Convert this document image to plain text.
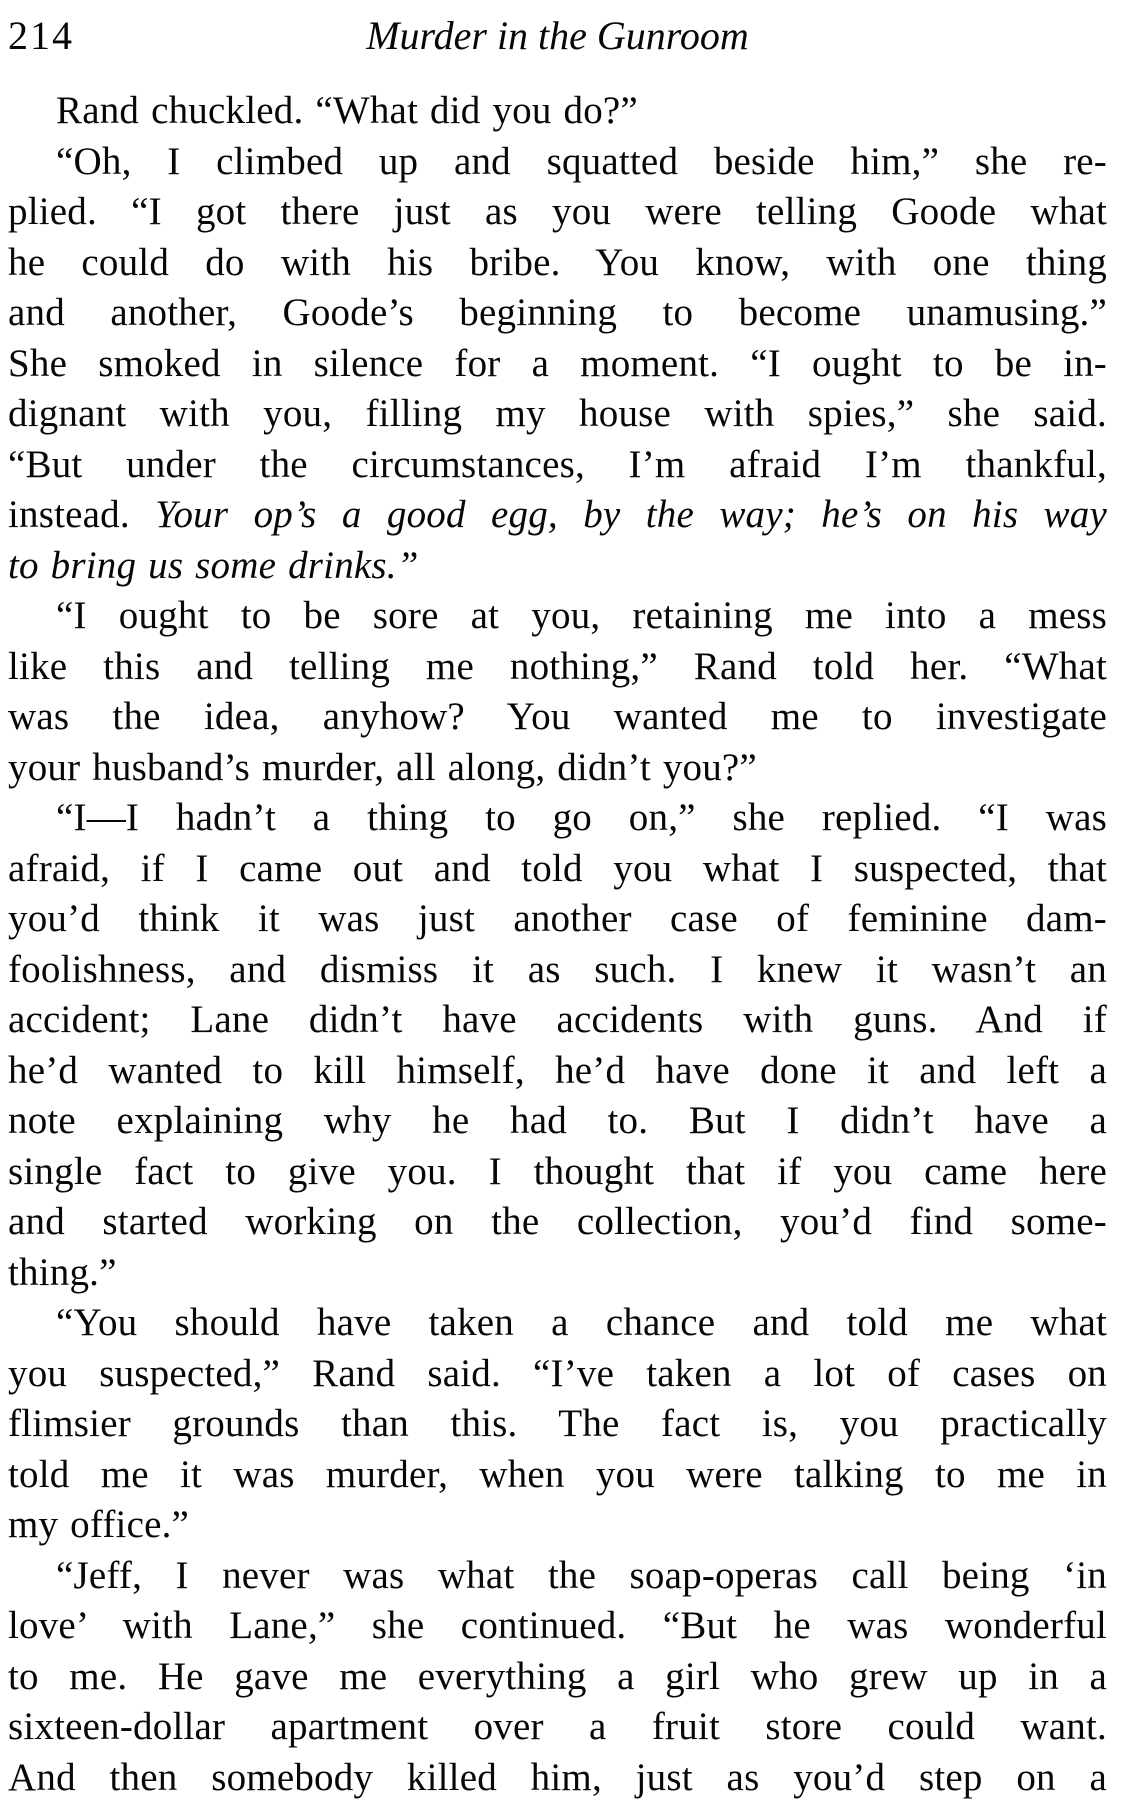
214	Murder in the Gunroom
Rand chuckled. “What did you do?”
“Oh, I climbed up and squatted beside him,” she re-
plied. “I got there just as you were telling Goode what
he could do with his bribe. You know, with one thing
and another, Goode’s beginning to become unamusing.”
She smoked in silence for a moment. “I ought to be in-
dignant with you, filling my house with spies,” she said.
“But under the circumstances, I’m afraid I’m thankful,
instead. Your op’s a good egg, by the way; he’s on his way
to bring us some drinks.”
“I ought to be sore at you, retaining me into a mess
like this and telling me nothing,” Rand told her. “What
was the idea, anyhow? You wanted me to investigate
your husband’s murder, all along, didn’t you?”
“I—I hadn’t a thing to go on,” she replied. “I was
afraid, if I came out and told you what I suspected, that
you’d think it was just another case of feminine dam-
foolishness, and dismiss it as such. I knew it wasn’t an
accident; Lane didn’t have accidents with guns. And if
he’d wanted to kill himself, he’d have done it and left a
note explaining why he had to. But I didn’t have a
single fact to give you. I thought that if you came here
and started working on the collection, you’d find some-
thing.”
“You should have taken a chance and told me what
you suspected,” Rand said. “I’ve taken a lot of cases on
flimsier grounds than this. The fact is, you practically
told me it was murder, when you were talking to me in
my office.”
“Jeff, I never was what the soap-operas call being ‘in
love’ with Lane,” she continued. “But he was wonderful
to me. He gave me everything a girl who grew up in a
sixteen-dollar apartment over a fruit store could want.
And then somebody killed him, just as you’d step on a
